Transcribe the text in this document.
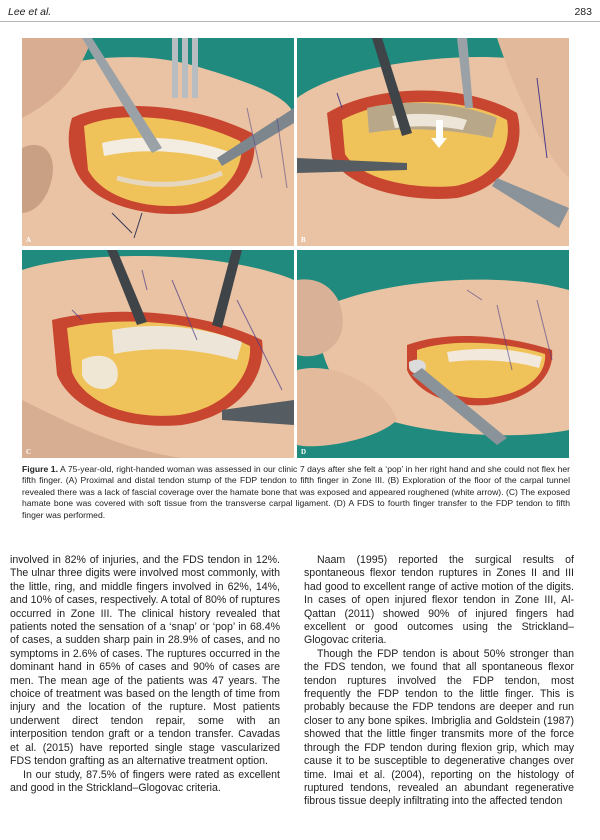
Lee et al.	283
A	B
C	D
Figure 1. A 75-year-old, right-handed woman was assessed in our clinic 7 days after she felt a ‘pop’ in her right hand and she could not flex her fifth finger. (A) Proximal and distal tendon stump of the FDP tendon to fifth finger in Zone III. (B) Exploration of the floor of the carpal tunnel revealed there was a lack of fascial coverage over the hamate bone that was exposed and appeared roughened (white arrow). (C) The exposed hamate bone was covered with soft tissue from the transverse carpal ligament. (D) A FDS to fourth finger transfer to the FDP tendon to fifth finger was performed.

involved in 82% of injuries, and the FDS tendon in 12%. The ulnar three digits were involved most commonly, with the little, ring, and middle fingers involved in 62%, 14%, and 10% of cases, respectively. A total of 80% of ruptures occurred in Zone III. The clinical history revealed that patients noted the sensation of a ‘snap’ or ‘pop’ in 68.4% of cases, a sudden sharp pain in 28.9% of cases, and no symptoms in 2.6% of cases. The ruptures occurred in the dominant hand in 65% of cases and 90% of cases are men. The mean age of the patients was 47 years. The choice of treatment was based on the length of time from injury and the location of the rupture. Most patients underwent direct tendon repair, some with an interposition tendon graft or a tendon transfer. Cavadas et al. (2015) have reported single stage vascularized FDS tendon grafting as an alternative treatment option.

In our study, 87.5% of fingers were rated as excellent and good in the Strickland–Glogovac criteria.

Naam (1995) reported the surgical results of spontaneous flexor tendon ruptures in Zones II and III had good to excellent range of active motion of the digits. In cases of open injured flexor tendon in Zone III, Al-Qattan (2011) showed 90% of injured fingers had excellent or good outcomes using the Strickland–Glogovac criteria.

Though the FDP tendon is about 50% stronger than the FDS tendon, we found that all spontaneous flexor tendon ruptures involved the FDP tendon, most frequently the FDP tendon to the little finger. This is probably because the FDP tendons are deeper and run closer to any bone spikes. Imbriglia and Goldstein (1987) showed that the little finger transmits more of the force through the FDP tendon during flexion grip, which may cause it to be susceptible to degenerative changes over time. Imai et al. (2004), reporting on the histology of ruptured tendons, revealed an abundant regenerative fibrous tissue deeply infiltrating into the affected tendon
